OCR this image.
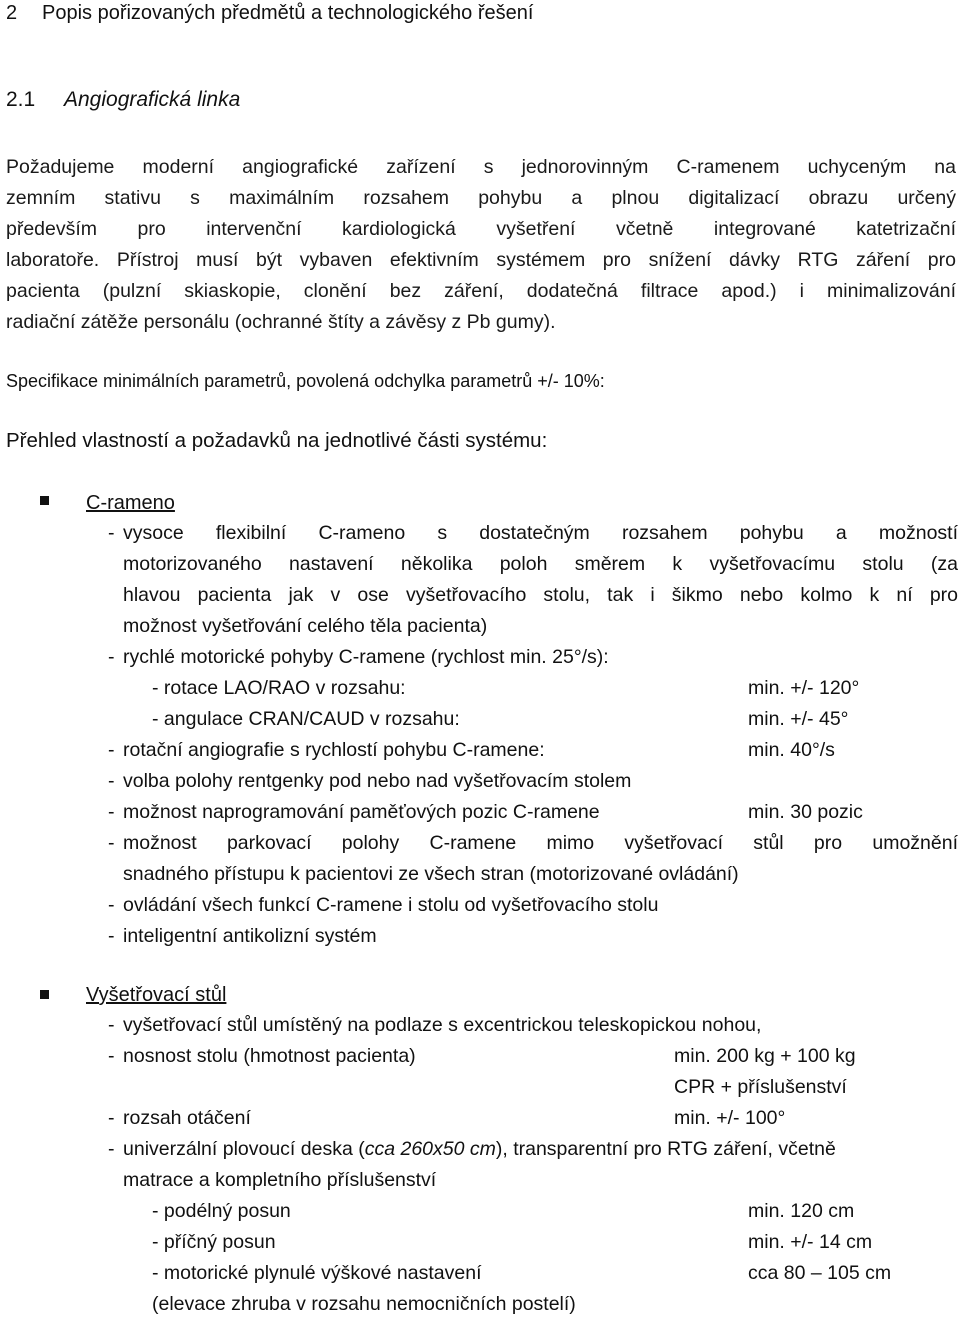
2 Popis pořizovaných předmětů a technologického řešení
2.1 Angiografická linka
Požadujeme moderní angiografické zařízení s jednorovinným C-ramenem uchyceným na
zemním stativu s maximálním rozsahem pohybu a plnou digitalizací obrazu určený
především pro intervenční kardiologická vyšetření včetně integrované katetrizační
laboratoře. Přístroj musí být vybaven efektivním systémem pro snížení dávky RTG záření pro
pacienta (pulzní skiaskopie, clonění bez záření, dodatečná filtrace apod.) i minimalizování
radiační zátěže personálu (ochranné štíty a závěsy z Pb gumy).
Specifikace minimálních parametrů, povolená odchylka parametrů +/- 10%:
Přehled vlastností a požadavků na jednotlivé části systému:
C-rameno
- vysoce flexibilní C-rameno s dostatečným rozsahem pohybu a možností
motorizovaného nastavení několika poloh směrem k vyšetřovacímu stolu (za
hlavou pacienta jak v ose vyšetřovacího stolu, tak i šikmo nebo kolmo k ní pro
možnost vyšetřování celého těla pacienta)
- rychlé motorické pohyby C-ramene (rychlost min. 25°/s):
- rotace LAO/RAO v rozsahu:	min. +/- 120°
- angulace CRAN/CAUD v rozsahu:	min. +/- 45°
- rotační angiografie s rychlostí pohybu C-ramene:	min. 40°/s
- volba polohy rentgenky pod nebo nad vyšetřovacím stolem
- možnost naprogramování paměťových pozic C-ramene	min. 30 pozic
- možnost parkovací polohy C-ramene mimo vyšetřovací stůl pro umožnění
snadného přístupu k pacientovi ze všech stran (motorizované ovládání)
- ovládání všech funkcí C-ramene i stolu od vyšetřovacího stolu
- inteligentní antikolizní systém
Vyšetřovací stůl
- vyšetřovací stůl umístěný na podlaze s excentrickou teleskopickou nohou,
- nosnost stolu (hmotnost pacienta)	min. 200 kg + 100 kg
CPR + příslušenství
- rozsah otáčení	min. +/- 100°
- univerzální plovoucí deska (cca 260x50 cm), transparentní pro RTG záření, včetně
matrace a kompletního příslušenství
- podélný posun	min. 120 cm
- příčný posun	min. +/- 14 cm
- motorické plynulé výškové nastavení	cca 80 – 105 cm
(elevace zhruba v rozsahu nemocničních postelí)
